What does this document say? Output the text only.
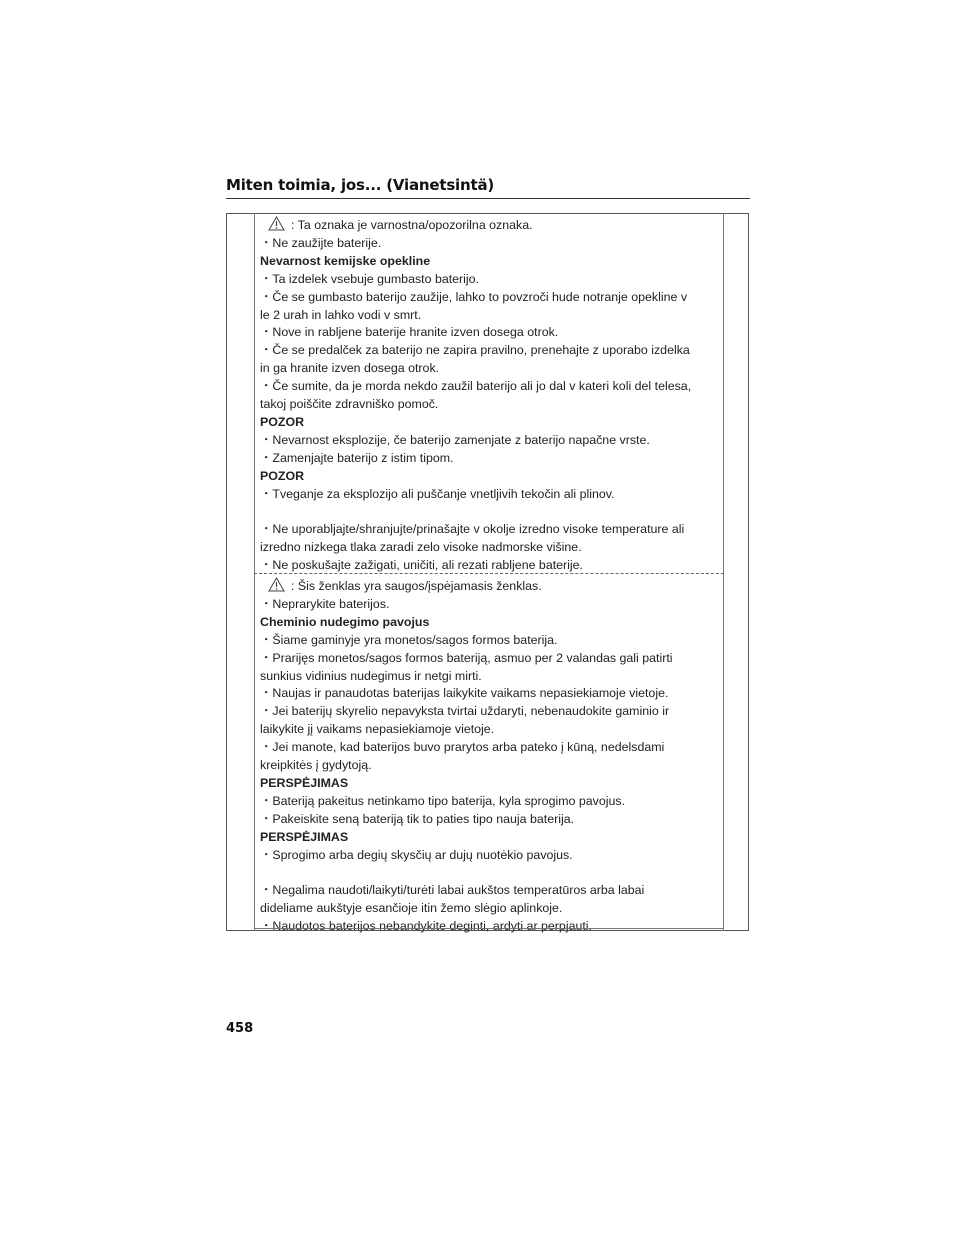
Miten toimia, jos... (Vianetsintä)
: Ta oznaka je varnostna/opozorilna oznaka.
・Ne zaužijte baterije.
Nevarnost kemijske opekline
・Ta izdelek vsebuje gumbasto baterijo.
・Če se gumbasto baterijo zaužije, lahko to povzroči hude notranje opekline v
le 2 urah in lahko vodi v smrt.
・Nove in rabljene baterije hranite izven dosega otrok.
・Če se predalček za baterijo ne zapira pravilno, prenehajte z uporabo izdelka
in ga hranite izven dosega otrok.
・Če sumite, da je morda nekdo zaužil baterijo ali jo dal v kateri koli del telesa,
takoj poiščite zdravniško pomoč.
POZOR
・Nevarnost eksplozije, če baterijo zamenjate z baterijo napačne vrste.
・Zamenjajte baterijo z istim tipom.
POZOR
・Tveganje za eksplozijo ali puščanje vnetljivih tekočin ali plinov.
・Ne uporabljajte/shranjujte/prinašajte v okolje izredno visoke temperature ali
izredno nizkega tlaka zaradi zelo visoke nadmorske višine.
・Ne poskušajte zažigati, uničiti, ali rezati rabljene baterije.
: Šis ženklas yra saugos/įspėjamasis ženklas.
・Neprarykite baterijos.
Cheminio nudegimo pavojus
・Šiame gaminyje yra monetos/sagos formos baterija.
・Prarijęs monetos/sagos formos bateriją, asmuo per 2 valandas gali patirti
sunkius vidinius nudegimus ir netgi mirti.
・Naujas ir panaudotas baterijas laikykite vaikams nepasiekiamoje vietoje.
・Jei baterijų skyrelio nepavyksta tvirtai uždaryti, nebenaudokite gaminio ir
laikykite jį vaikams nepasiekiamoje vietoje.
・Jei manote, kad baterijos buvo prarytos arba pateko į kūną, nedelsdami
kreipkitės į gydytoją.
PERSPĖJIMAS
・Bateriją pakeitus netinkamo tipo baterija, kyla sprogimo pavojus.
・Pakeiskite seną bateriją tik to paties tipo nauja baterija.
PERSPĖJIMAS
・Sprogimo arba degių skysčių ar dujų nuotėkio pavojus.
・Negalima naudoti/laikyti/turėti labai aukštos temperatūros arba labai
dideliame aukštyje esančioje itin žemo slėgio aplinkoje.
・Naudotos baterijos nebandykite deginti, ardyti ar perpjauti.
458
